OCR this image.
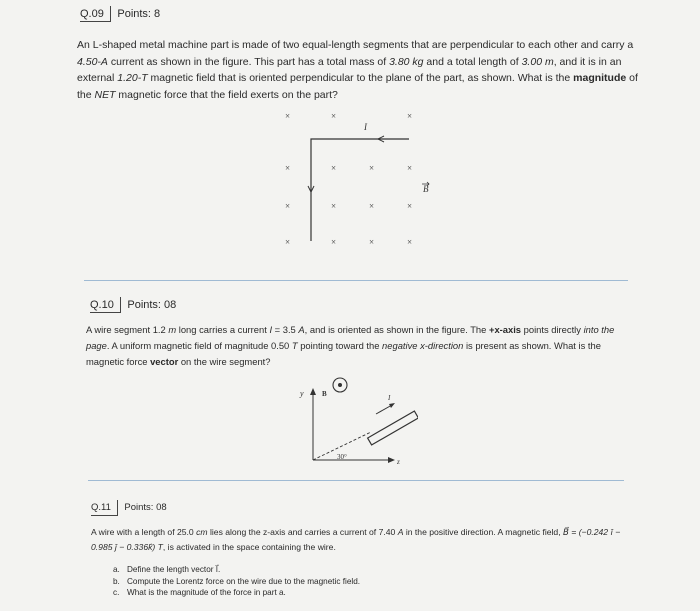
Q.09	Points: 8
An L-shaped metal machine part is made of two equal-length segments that are perpendicular to each other and carry a 4.50-A current as shown in the figure. This part has a total mass of 3.80 kg and a total length of 3.00 m, and it is in an external 1.20-T magnetic field that is oriented perpendicular to the plane of the part, as shown. What is the magnitude of the NET magnetic force that the field exerts on the part?
×	×	×
×	×	×	×
×	×	×	×
×	×	×	×
I
B
Q.10	Points: 08
A wire segment 1.2 m long carries a current I = 3.5 A, and is oriented as shown in the figure. The +x-axis points directly into the page. A uniform magnetic field of magnitude 0.50 T pointing toward the negative x-direction is present as shown. What is the magnetic force vector on the wire segment?
y
z
B
30°
I
Q.11	Points: 08
A wire with a length of 25.0 cm lies along the z-axis and carries a current of 7.40 A in the positive direction. A magnetic field, B⃗ = (−0.242 î − 0.985 ĵ − 0.336k̂) T, is activated in the space containing the wire.
a. Define the length vector l⃗.
b. Compute the Lorentz force on the wire due to the magnetic field.
c. What is the magnitude of the force in part a.
